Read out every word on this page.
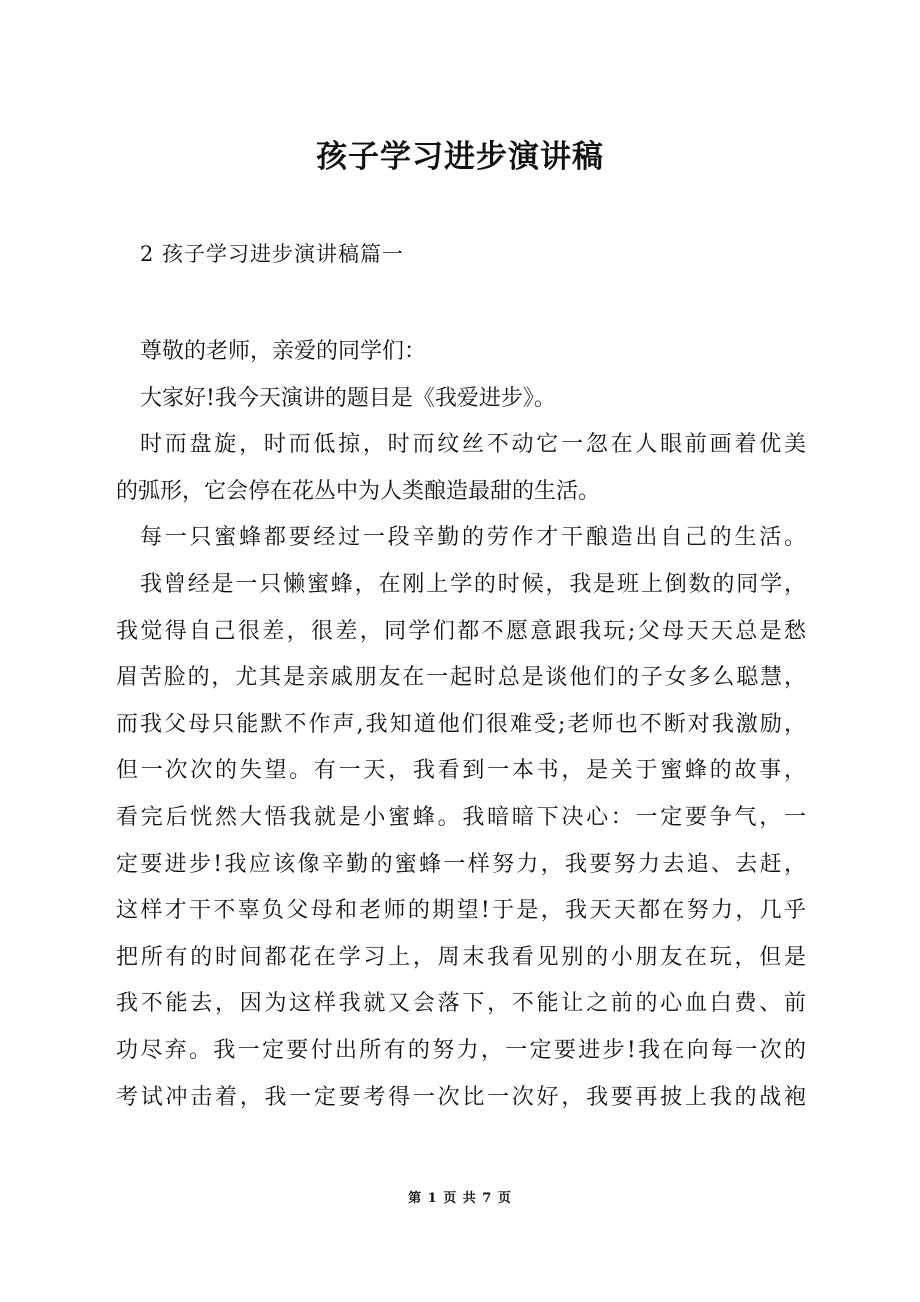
孩子学习进步演讲稿
2 孩子学习进步演讲稿篇一
尊敬的老师，亲爱的同学们：
大家好!我今天演讲的题目是《我爱进步》。
时而盘旋，时而低掠，时而纹丝不动它一忽在人眼前画着优美
的弧形，它会停在花丛中为人类酿造最甜的生活。
每一只蜜蜂都要经过一段辛勤的劳作才干酿造出自己的生活。
我曾经是一只懒蜜蜂，在刚上学的时候，我是班上倒数的同学，
我觉得自己很差，很差，同学们都不愿意跟我玩;父母天天总是愁
眉苦脸的，尤其是亲戚朋友在一起时总是谈他们的子女多么聪慧，
而我父母只能默不作声,我知道他们很难受;老师也不断对我激励，
但一次次的失望。有一天，我看到一本书，是关于蜜蜂的故事，
看完后恍然大悟我就是小蜜蜂。我暗暗下决心：一定要争气，一
定要进步!我应该像辛勤的蜜蜂一样努力，我要努力去追、去赶，
这样才干不辜负父母和老师的期望!于是，我天天都在努力，几乎
把所有的时间都花在学习上，周末我看见别的小朋友在玩，但是
我不能去，因为这样我就又会落下，不能让之前的心血白费、前
功尽弃。我一定要付出所有的努力，一定要进步!我在向每一次的
考试冲击着，我一定要考得一次比一次好，我要再披上我的战袍
第 1 页 共 7 页
